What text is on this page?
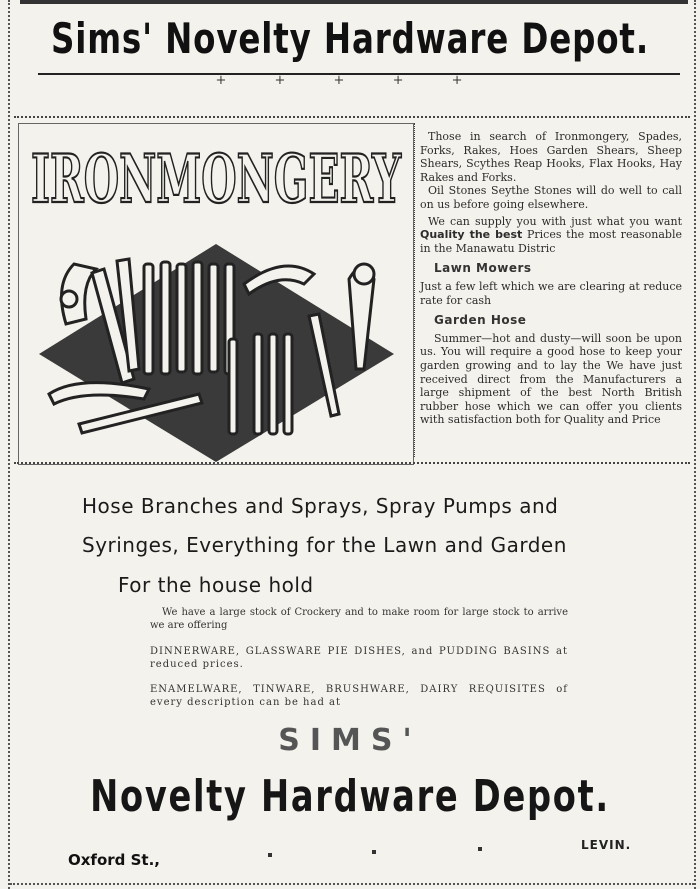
Sims' Novelty Hardware Depot.
+ + + + +
IRONMONGERY

Those in search of Ironmongery, Spades, Forks, Rakes, Hoes Garden Shears, Sheep Shears, Scythes Reap Hooks, Flax Hooks, Hay Rakes and Forks.

Oil Stones Seythe Stones will do well to call on us before going elsewhere.

We can supply you with just what you want Quality the best Prices the most reasonable in the Manawatu Distric

Lawn Mowers

Just a few left which we are clearing at reduce rate for cash

Garden Hose

Summer—hot and dusty—will soon be upon us. You will require a good hose to keep your garden growing and to lay the We have just received direct from the Manufacturers a large shipment of the best North British rubber hose which we can offer you clients with satisfaction both for Quality and Price

Hose Branches and Sprays, Spray Pumps and
Syringes, Everything for the Lawn and Garden
For the house hold
We have a large stock of Crockery and to make room for large stock to arrive we are offering
DINNERWARE, GLASSWARE PIE DISHES, and PUDDING BASINS at reduced prices.
ENAMELWARE, TINWARE, BRUSHWARE, DAIRY REQUISITES of every description can be had at
SIMS'
Novelty Hardware Depot.
Oxford St.,
LEVIN.
